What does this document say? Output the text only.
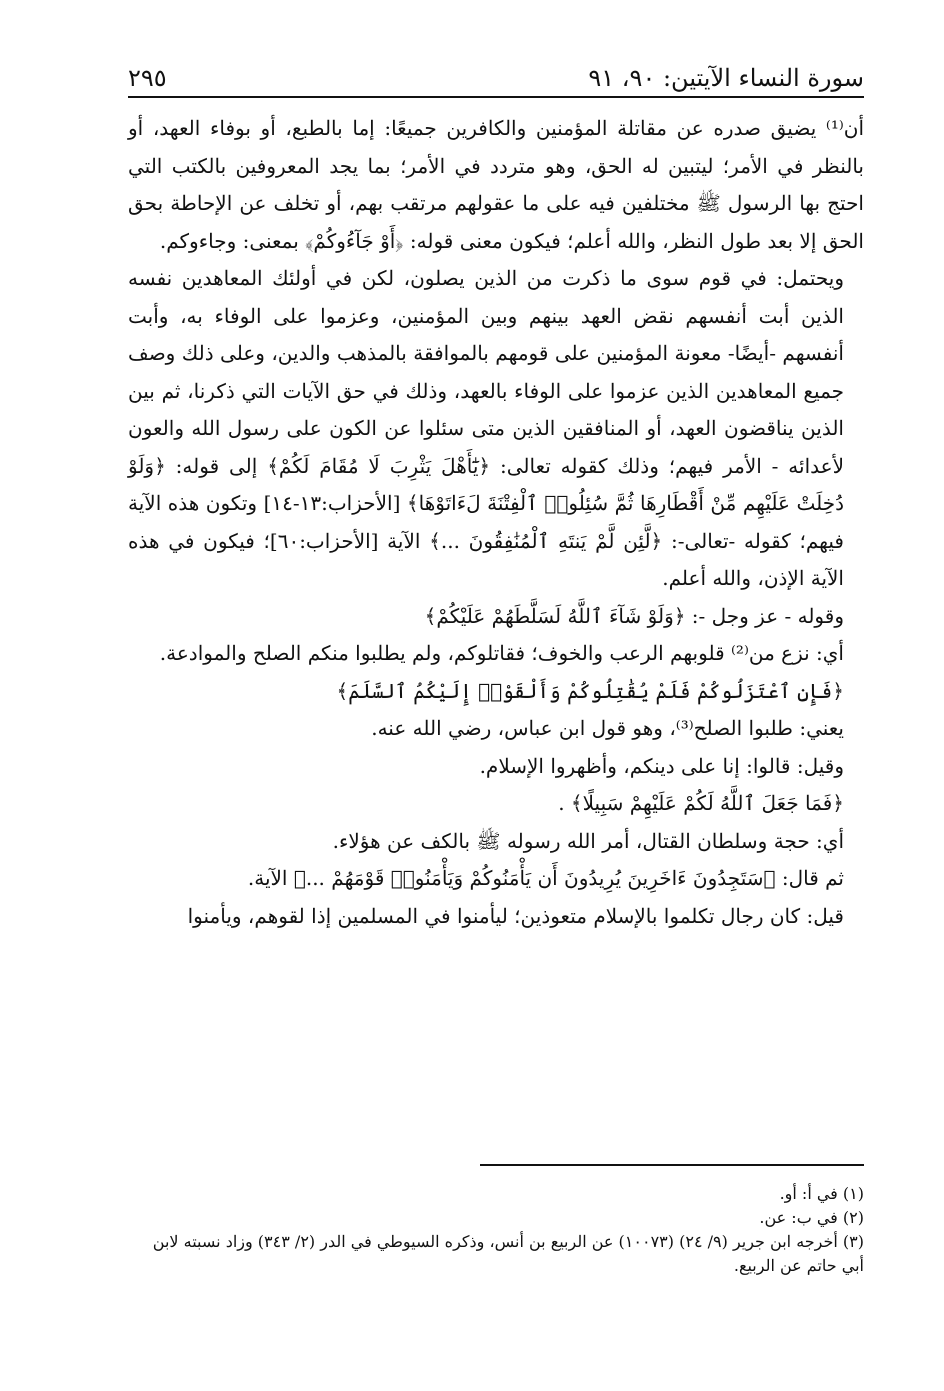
سورة النساء الآيتين: ٩٠، ٩١
٢٩٥

أن⁽¹⁾ يضيق صدره عن مقاتلة المؤمنين والكافرين جميعًا: إما بالطبع، أو بوفاء العهد، أو بالنظر في الأمر؛ ليتبين له الحق، وهو متردد في الأمر؛ بما يجد المعروفين بالكتب التي احتج بها الرسول ﷺ مختلفين فيه على ما عقولهم مرتقب بهم، أو تخلف عن الإحاطة بحق الحق إلا بعد طول النظر، والله أعلم؛ فيكون معنى قوله: ﴿أَوْ جَآءُوكُمْ﴾ بمعنى: وجاءوكم.

ويحتمل: في قوم سوى ما ذكرت من الذين يصلون، لكن في أولئك المعاهدين نفسه الذين أبت أنفسهم نقض العهد بينهم وبين المؤمنين، وعزموا على الوفاء به، وأبت أنفسهم -أيضًا- معونة المؤمنين على قومهم بالموافقة بالمذهب والدين، وعلى ذلك وصف جميع المعاهدين الذين عزموا على الوفاء بالعهد، وذلك في حق الآيات التي ذكرنا، ثم بين الذين يناقضون العهد، أو المنافقين الذين متى سئلوا عن الكون على رسول الله والعون لأعدائه - الأمر فيهم؛ وذلك كقوله تعالى: ﴿يَٰٓأَهْلَ يَثْرِبَ لَا مُقَامَ لَكُمْ﴾ إلى قوله: ﴿وَلَوْ دُخِلَتْ عَلَيْهِم مِّنْ أَقْطَارِهَا ثُمَّ سُئِلُوا۟ ٱلْفِتْنَةَ لَءَاتَوْهَا﴾ [الأحزاب:١٣-١٤] وتكون هذه الآية فيهم؛ كقوله -تعالى-: ﴿لَّئِن لَّمْ يَنتَهِ ٱلْمُنَٰفِقُونَ ...﴾ الآية [الأحزاب:٦٠]؛ فيكون في هذه الآية الإذن، والله أعلم.

وقوله - عز وجل -: ﴿وَلَوْ شَآءَ ٱللَّهُ لَسَلَّطَهُمْ عَلَيْكُمْ﴾

أي: نزع من⁽²⁾ قلوبهم الرعب والخوف؛ فقاتلوكم، ولم يطلبوا منكم الصلح والموادعة.

﴿فَإِنِ ٱعْتَزَلُوكُمْ فَلَمْ يُقَٰتِلُوكُمْ وَأَلْقَوْا۟ إِلَيْكُمُ ٱلسَّلَمَ﴾

يعني: طلبوا الصلح⁽³⁾، وهو قول ابن عباس، رضي الله عنه.

وقيل: قالوا: إنا على دينكم، وأظهروا الإسلام.

﴿فَمَا جَعَلَ ٱللَّهُ لَكُمْ عَلَيْهِمْ سَبِيلًا﴾ .

أي: حجة وسلطان القتال، أمر الله رسوله ﷺ بالكف عن هؤلاء.

ثم قال: ﴿سَتَجِدُونَ ءَاخَرِينَ يُرِيدُونَ أَن يَأْمَنُوكُمْ وَيَأْمَنُوا۟ قَوْمَهُمْ ...﴾ الآية.

قيل: كان رجال تكلموا بالإسلام متعوذين؛ ليأمنوا في المسلمين إذا لقوهم، ويأمنوا

(١) في أ: أو.

(٢) في ب: عن.

(٣) أخرجه ابن جرير (٩/ ٢٤) (١٠٠٧٣) عن الربيع بن أنس، وذكره السيوطي في الدر (٢/ ٣٤٣) وزاد نسبته لابن أبي حاتم عن الربيع.
